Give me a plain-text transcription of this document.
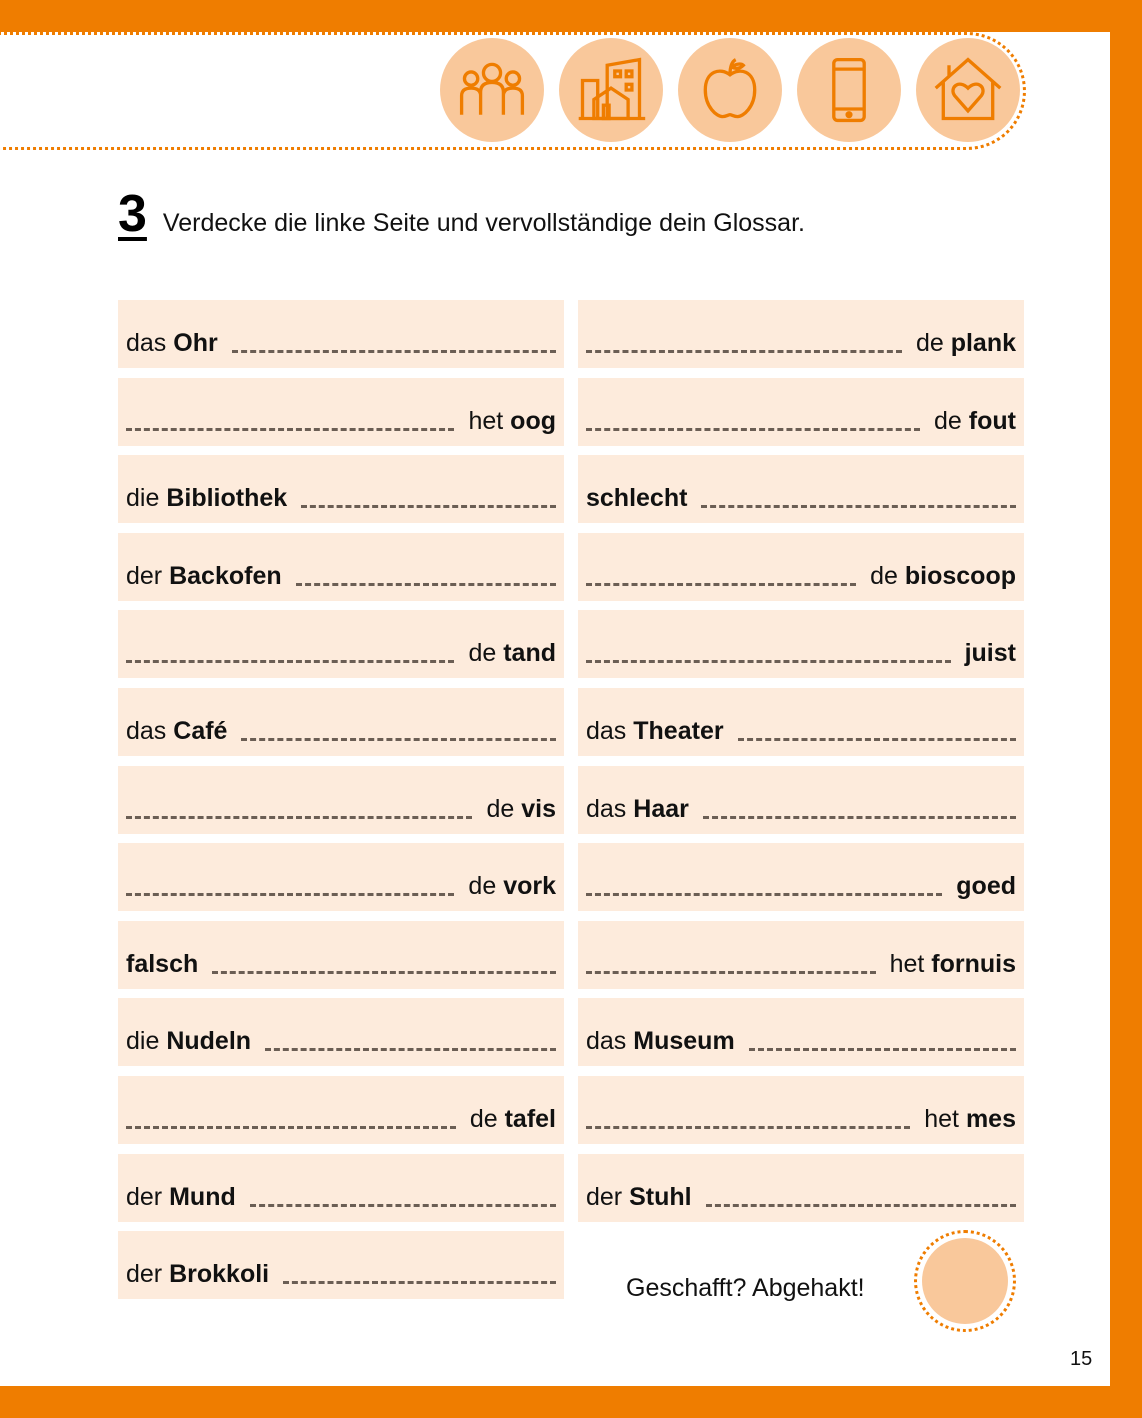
3 Verdecke die linke Seite und vervollständige dein Glossar.
das Ohr
het oog
die Bibliothek
der Backofen
de tand
das Café
de vis
de vork
falsch
die Nudeln
de tafel
der Mund
der Brokkoli
de plank
de fout
schlecht
de bioscoop
juist
das Theater
das Haar
goed
het fornuis
das Museum
het mes
der Stuhl
Geschafft? Abgehakt!
15
